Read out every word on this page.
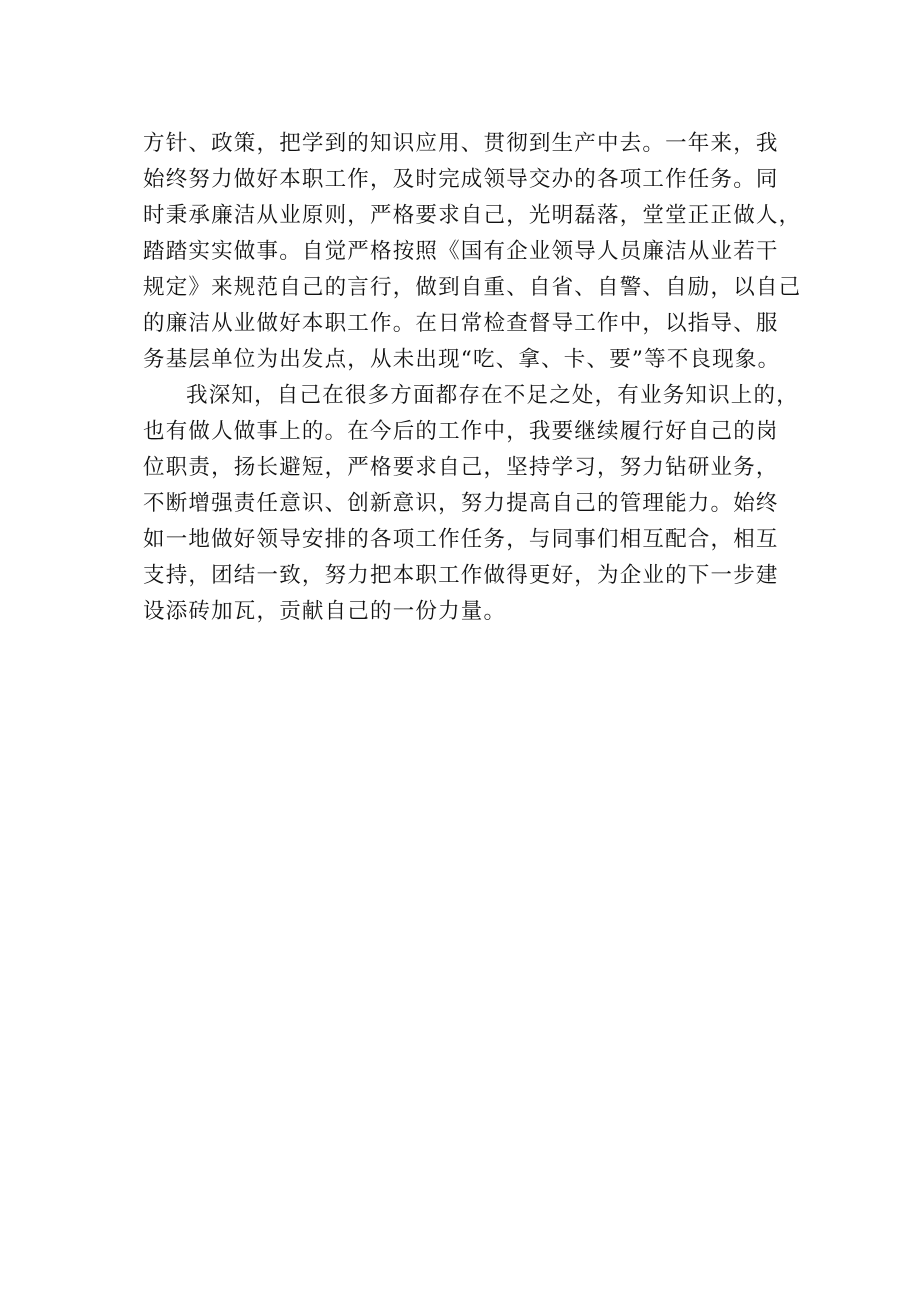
方针、政策，把学到的知识应用、贯彻到生产中去。一年来，我
始终努力做好本职工作，及时完成领导交办的各项工作任务。同
时秉承廉洁从业原则，严格要求自己，光明磊落，堂堂正正做人，
踏踏实实做事。自觉严格按照《国有企业领导人员廉洁从业若干
规定》来规范自己的言行，做到自重、自省、自警、自励，以自己
的廉洁从业做好本职工作。在日常检查督导工作中，以指导、服
务基层单位为出发点，从未出现“吃、拿、卡、要”等不良现象。
我深知，自己在很多方面都存在不足之处，有业务知识上的，
也有做人做事上的。在今后的工作中，我要继续履行好自己的岗
位职责，扬长避短，严格要求自己，坚持学习，努力钻研业务，
不断增强责任意识、创新意识，努力提高自己的管理能力。始终
如一地做好领导安排的各项工作任务，与同事们相互配合，相互
支持，团结一致，努力把本职工作做得更好，为企业的下一步建
设添砖加瓦，贡献自己的一份力量。
